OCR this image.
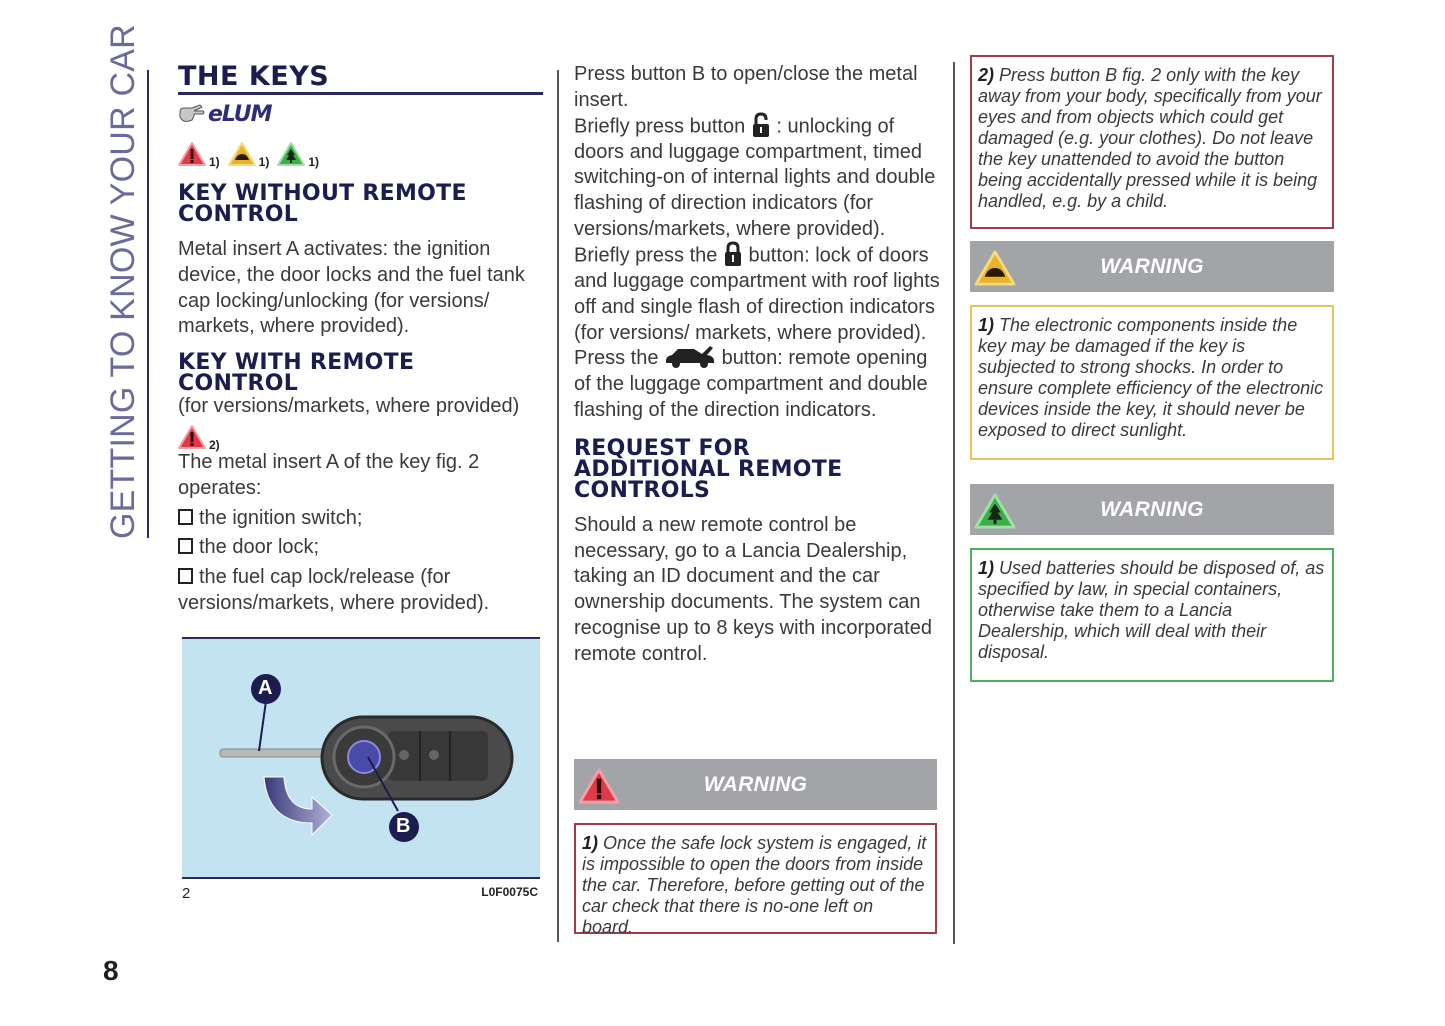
GETTING TO KNOW YOUR CAR
8
THE KEYS
eLUM
1)	1)	1)
KEY WITHOUT REMOTE
CONTROL
Metal insert A activates: the ignition device, the door locks and the fuel tank cap locking/unlocking (for versions/ markets, where provided).
KEY WITH REMOTE
CONTROL
(for versions/markets, where provided)
2)
The metal insert A of the key fig. 2 operates:
the ignition switch;
the door lock;
the fuel cap lock/release (for versions/markets, where provided).
A
B
2	L0F0075C
Press button B to open/close the metal insert.
Briefly press button : unlocking of doors and luggage compartment, timed switching-on of internal lights and double flashing of direction indicators (for versions/markets, where provided).
Briefly press the button: lock of doors and luggage compartment with roof lights off and single flash of direction indicators (for versions/ markets, where provided).
Press the	button: remote opening of the luggage compartment and double flashing of the direction indicators.
REQUEST FOR
ADDITIONAL REMOTE
CONTROLS
Should a new remote control be necessary, go to a Lancia Dealership, taking an ID document and the car ownership documents. The system can recognise up to 8 keys with incorporated remote control.
WARNING
1) Once the safe lock system is engaged, it is impossible to open the doors from inside the car. Therefore, before getting out of the car check that there is no-one left on board.
2) Press button B fig. 2 only with the key away from your body, specifically from your eyes and from objects which could get damaged (e.g. your clothes). Do not leave the key unattended to avoid the button being accidentally pressed while it is being handled, e.g. by a child.
WARNING
1) The electronic components inside the key may be damaged if the key is subjected to strong shocks. In order to ensure complete efficiency of the electronic devices inside the key, it should never be exposed to direct sunlight.
WARNING
1) Used batteries should be disposed of, as specified by law, in special containers, otherwise take them to a Lancia Dealership, which will deal with their disposal.
